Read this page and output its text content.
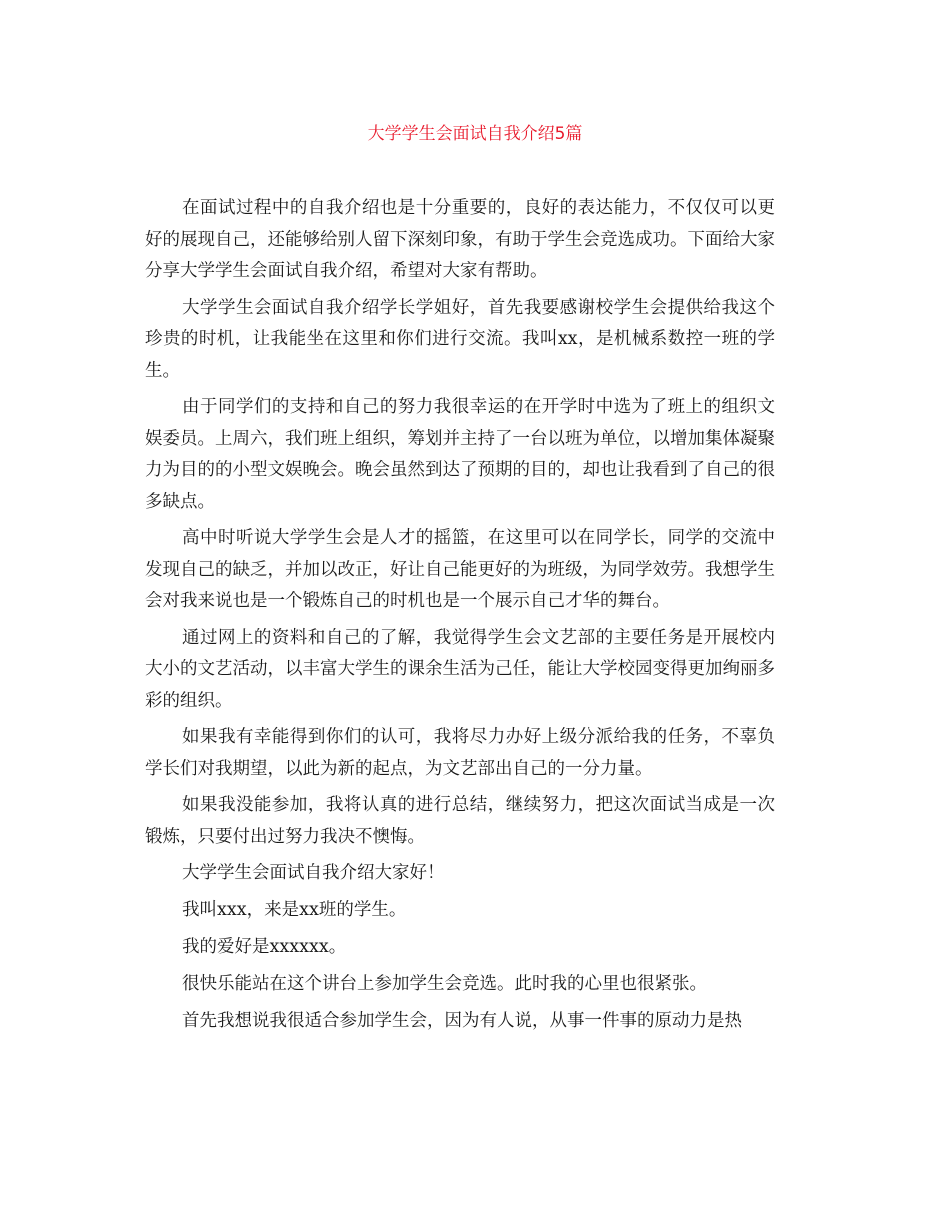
大学学生会面试自我介绍5篇

在面试过程中的自我介绍也是十分重要的，良好的表达能力，不仅仅可以更好的展现自己，还能够给别人留下深刻印象，有助于学生会竞选成功。下面给大家分享大学学生会面试自我介绍，希望对大家有帮助。

大学学生会面试自我介绍学长学姐好，首先我要感谢校学生会提供给我这个珍贵的时机，让我能坐在这里和你们进行交流。我叫xx，是机械系数控一班的学生。

由于同学们的支持和自己的努力我很幸运的在开学时中选为了班上的组织文娱委员。上周六，我们班上组织，筹划并主持了一台以班为单位，以增加集体凝聚力为目的的小型文娱晚会。晚会虽然到达了预期的目的，却也让我看到了自己的很多缺点。

高中时听说大学学生会是人才的摇篮，在这里可以在同学长，同学的交流中发现自己的缺乏，并加以改正，好让自己能更好的为班级，为同学效劳。我想学生会对我来说也是一个锻炼自己的时机也是一个展示自己才华的舞台。

通过网上的资料和自己的了解，我觉得学生会文艺部的主要任务是开展校内大小的文艺活动，以丰富大学生的课余生活为己任，能让大学校园变得更加绚丽多彩的组织。

如果我有幸能得到你们的认可，我将尽力办好上级分派给我的任务，不辜负学长们对我期望，以此为新的起点，为文艺部出自己的一分力量。

如果我没能参加，我将认真的进行总结，继续努力，把这次面试当成是一次锻炼，只要付出过努力我决不懊悔。

大学学生会面试自我介绍大家好！

我叫xxx，来是xx班的学生。

我的爱好是xxxxxx。

很快乐能站在这个讲台上参加学生会竞选。此时我的心里也很紧张。

首先我想说我很适合参加学生会，因为有人说，从事一件事的原动力是热
